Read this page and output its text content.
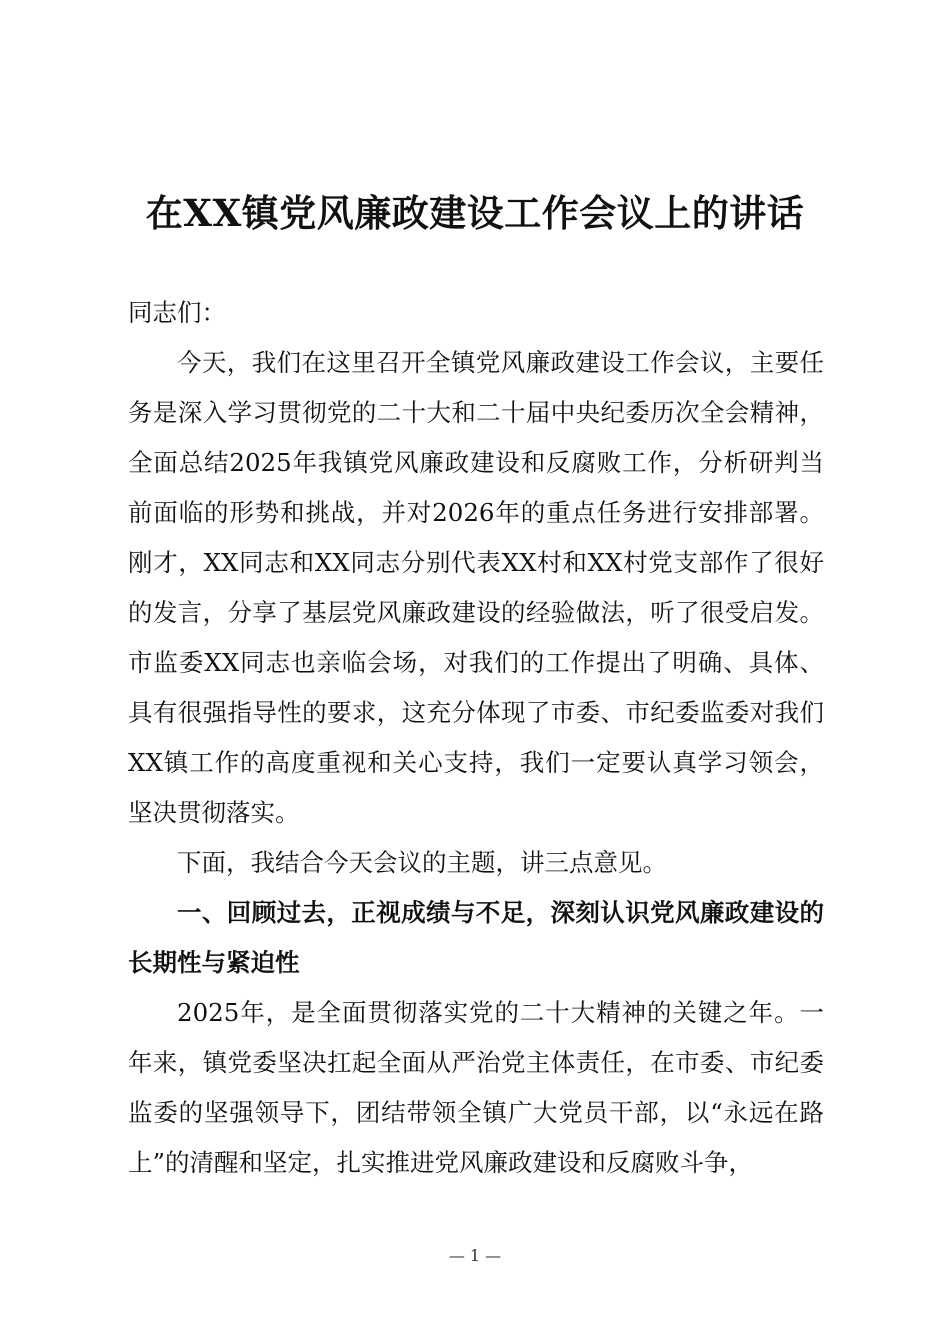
在XX镇党风廉政建设工作会议上的讲话

同志们：

今天，我们在这里召开全镇党风廉政建设工作会议，主要任务是深入学习贯彻党的二十大和二十届中央纪委历次全会精神，全面总结2025年我镇党风廉政建设和反腐败工作，分析研判当前面临的形势和挑战，并对2026年的重点任务进行安排部署。刚才，XX同志和XX同志分别代表XX村和XX村党支部作了很好的发言，分享了基层党风廉政建设的经验做法，听了很受启发。市监委XX同志也亲临会场，对我们的工作提出了明确、具体、具有很强指导性的要求，这充分体现了市委、市纪委监委对我们XX镇工作的高度重视和关心支持，我们一定要认真学习领会，坚决贯彻落实。

下面，我结合今天会议的主题，讲三点意见。

一、回顾过去，正视成绩与不足，深刻认识党风廉政建设的长期性与紧迫性

2025年，是全面贯彻落实党的二十大精神的关键之年。一年来，镇党委坚决扛起全面从严治党主体责任，在市委、市纪委监委的坚强领导下，团结带领全镇广大党员干部，以“永远在路上”的清醒和坚定，扎实推进党风廉政建设和反腐败斗争，

— 1 —
